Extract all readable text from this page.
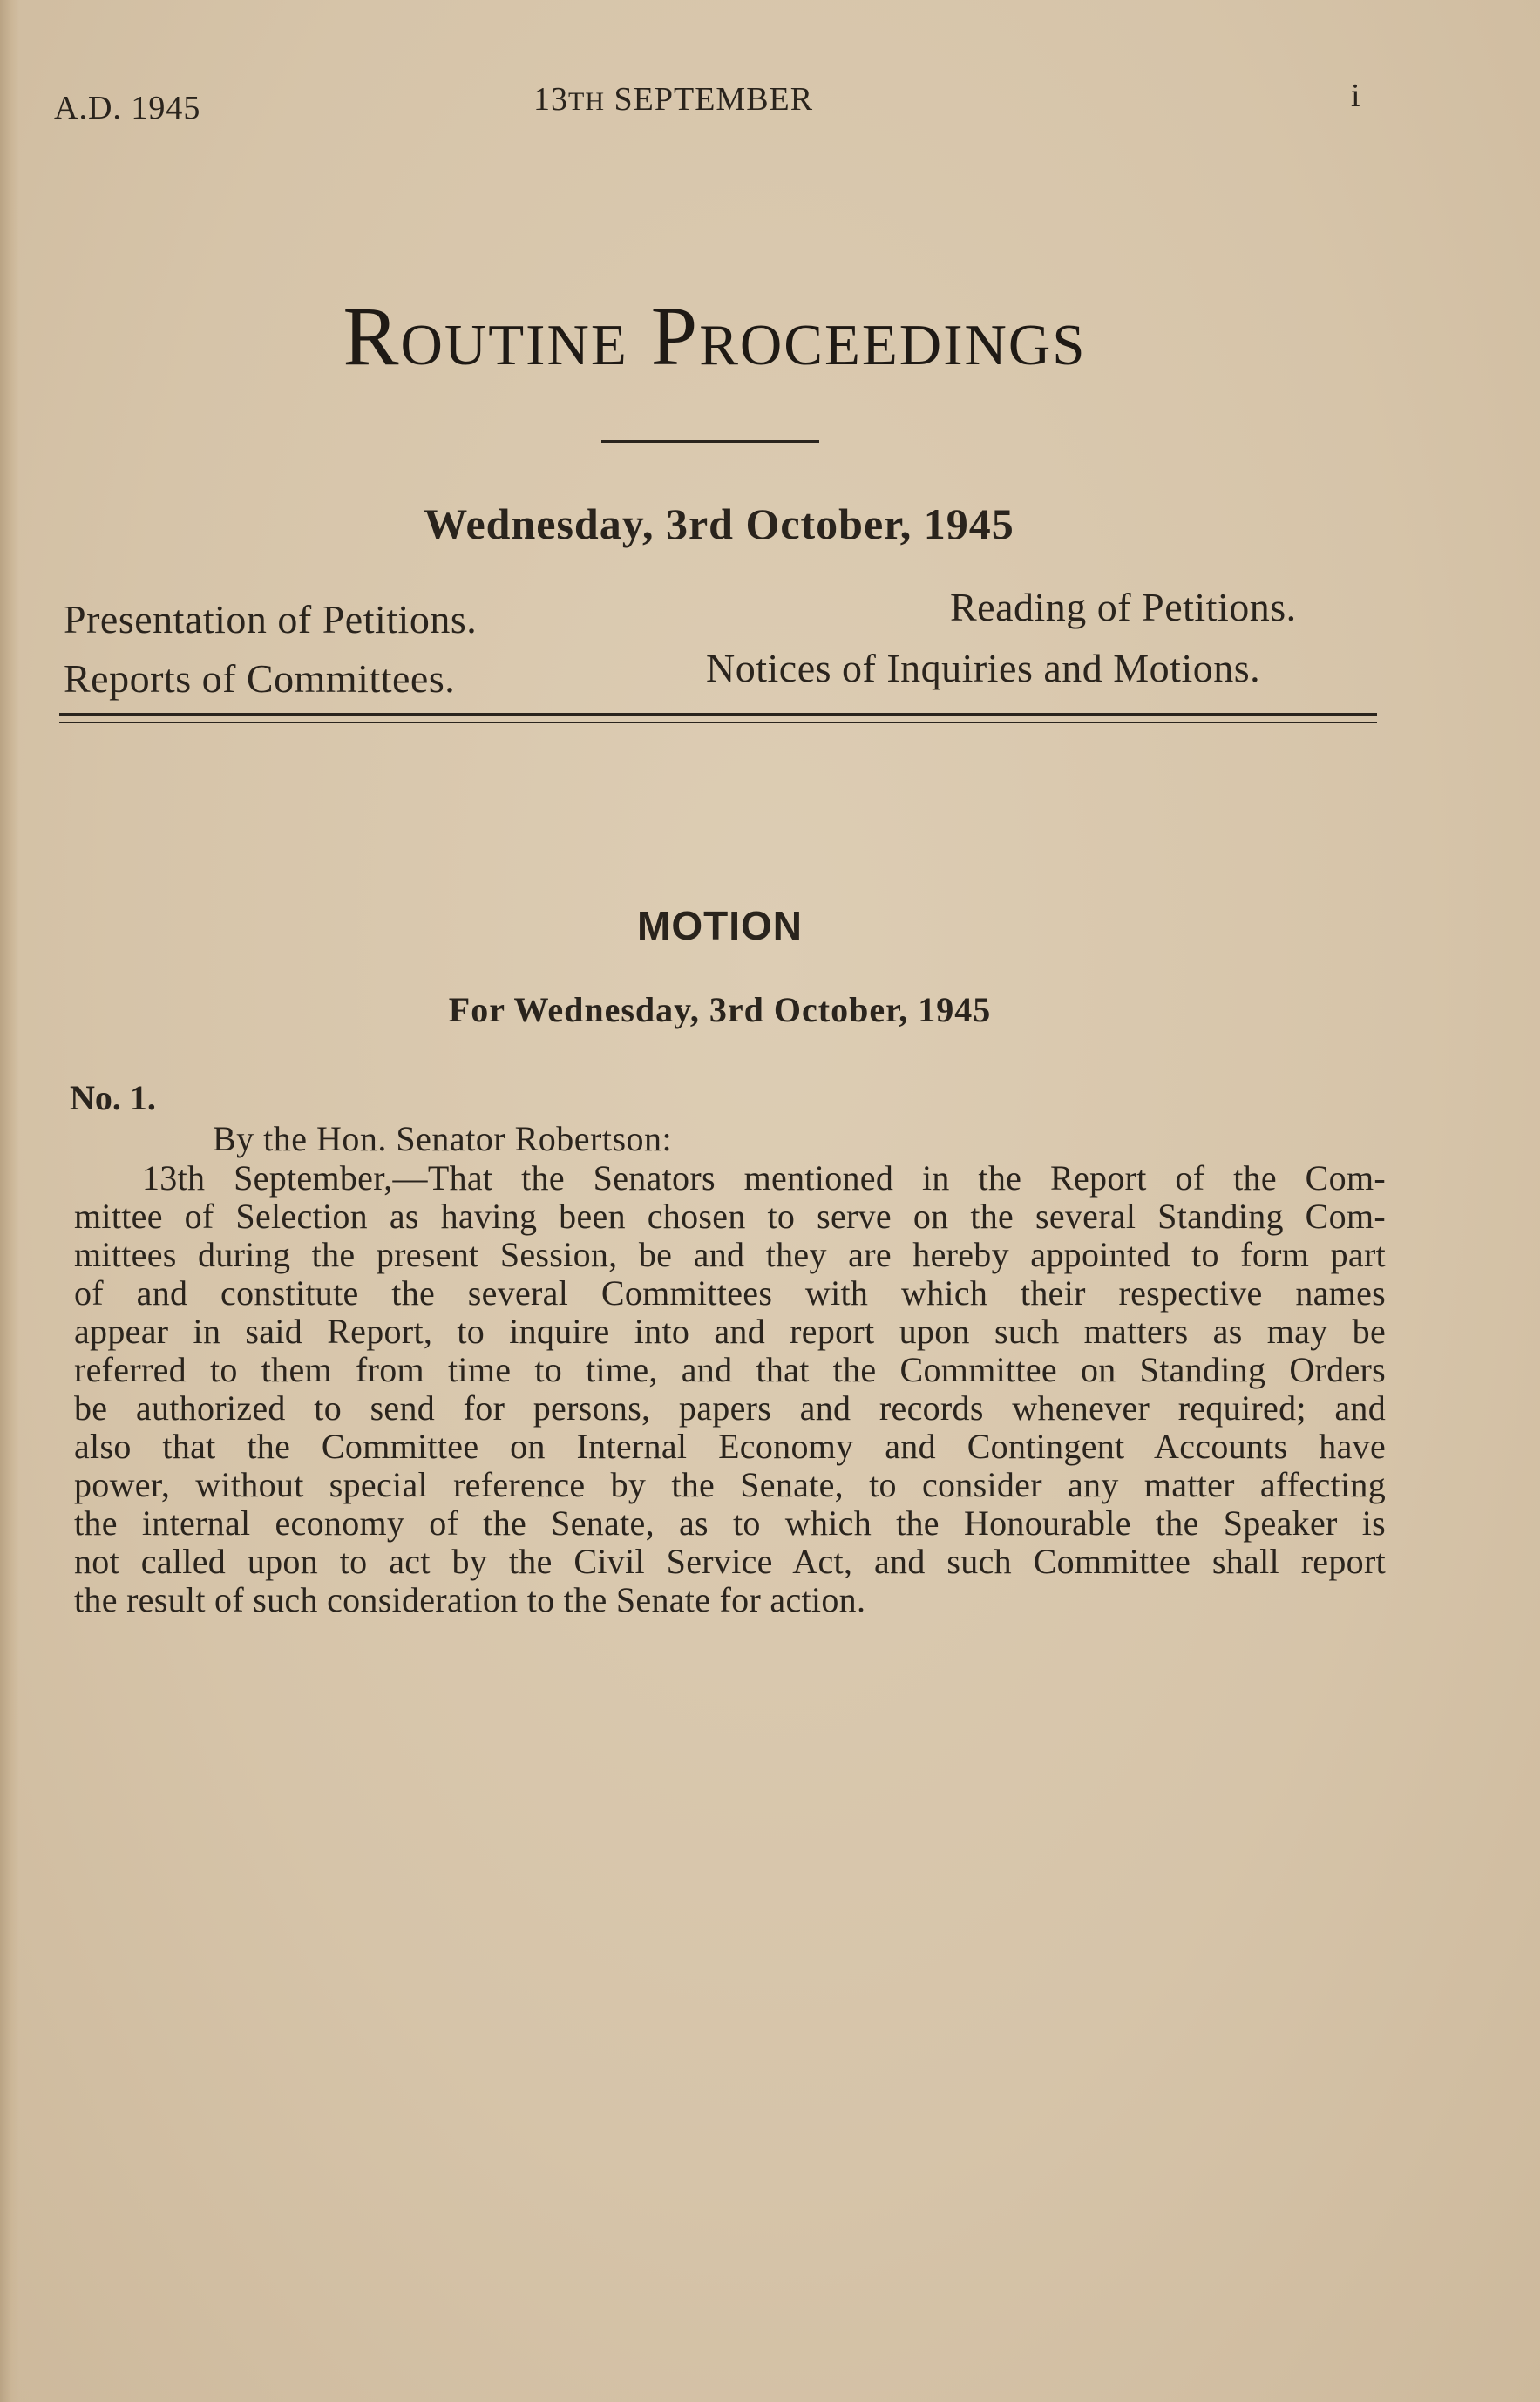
A.D. 1945	13TH SEPTEMBER	i
Routine Proceedings
Wednesday, 3rd October, 1945
Presentation of Petitions.	Reading of Petitions.
Reports of Committees.	Notices of Inquiries and Motions.
MOTION
For Wednesday, 3rd October, 1945
No. 1.
By the Hon. Senator Robertson:
13th September,—That the Senators mentioned in the Report of the Com-
mittee of Selection as having been chosen to serve on the several Standing Com-
mittees during the present Session, be and they are hereby appointed to form part
of and constitute the several Committees with which their respective names
appear in said Report, to inquire into and report upon such matters as may be
referred to them from time to time, and that the Committee on Standing Orders
be authorized to send for persons, papers and records whenever required; and
also that the Committee on Internal Economy and Contingent Accounts have
power, without special reference by the Senate, to consider any matter affecting
the internal economy of the Senate, as to which the Honourable the Speaker is
not called upon to act by the Civil Service Act, and such Committee shall report
the result of such consideration to the Senate for action.
